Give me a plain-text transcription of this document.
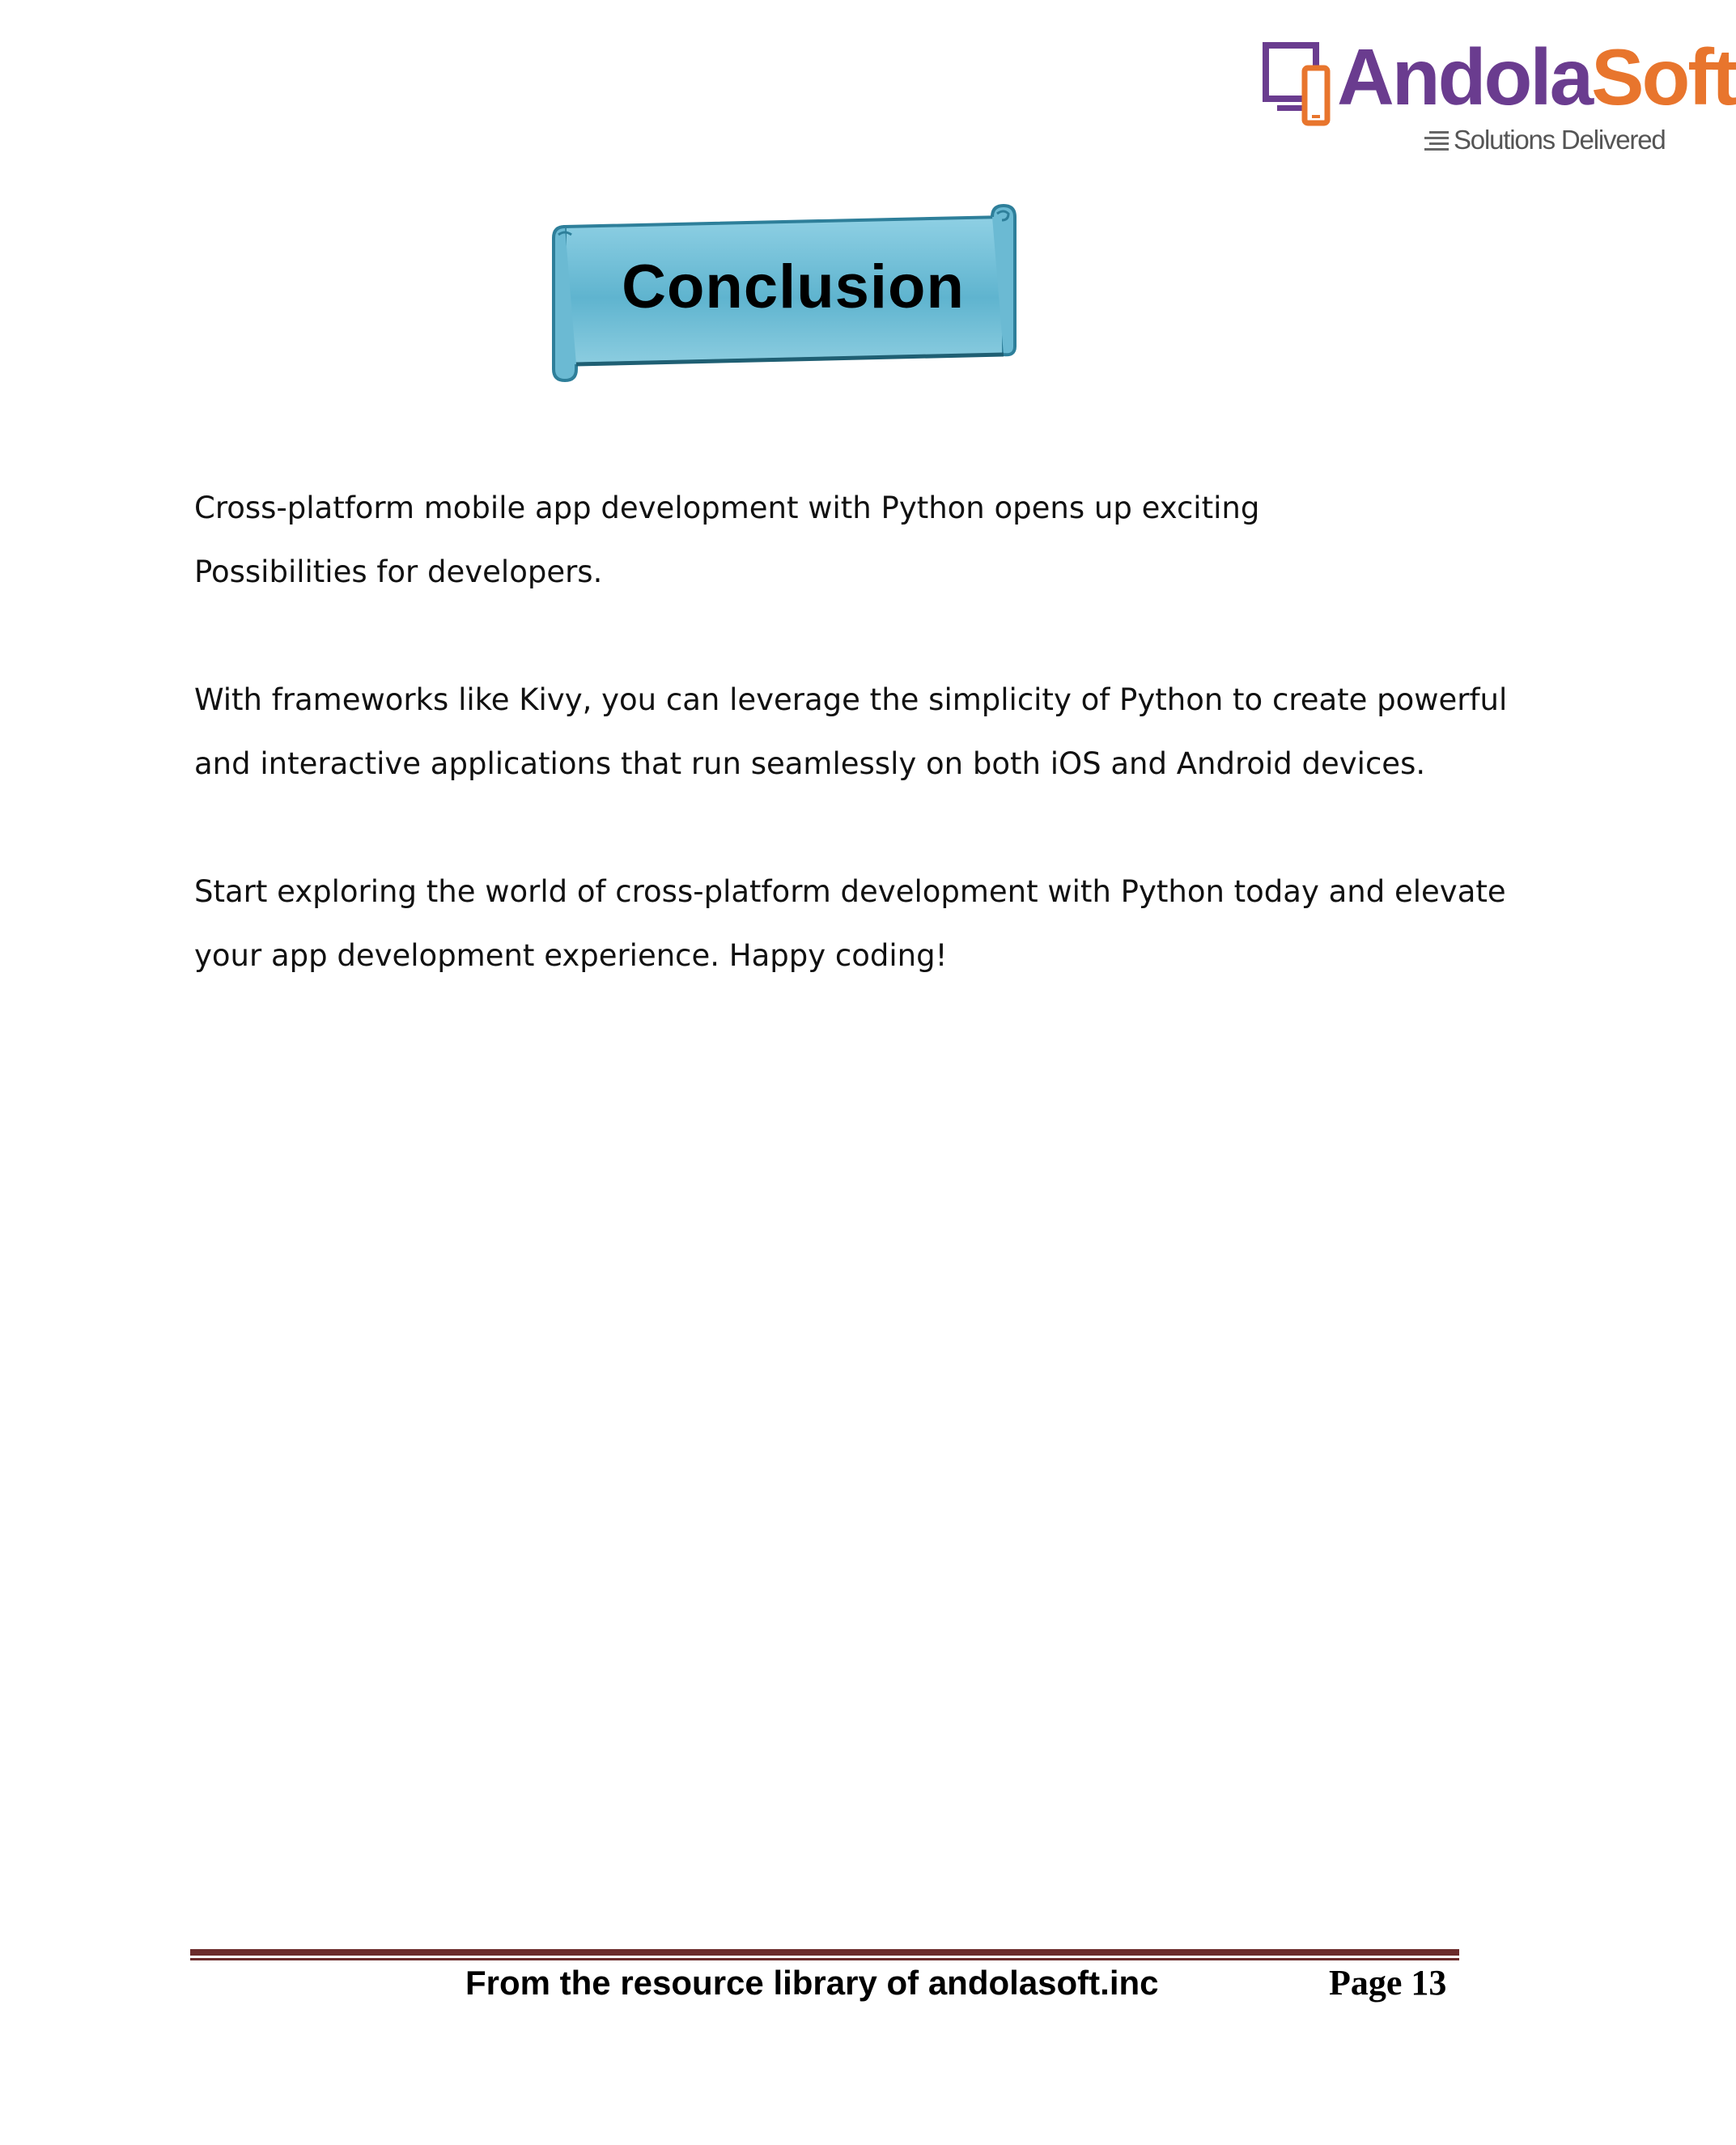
AndolaSoft
Solutions Delivered
Conclusion

Cross-platform mobile app development with Python opens up exciting
Possibilities for developers.

With frameworks like Kivy, you can leverage the simplicity of Python to create powerful
and interactive applications that run seamlessly on both iOS and Android devices.

Start exploring the world of cross-platform development with Python today and elevate
your app development experience. Happy coding!

From the resource library of andolasoft.inc	Page 13
